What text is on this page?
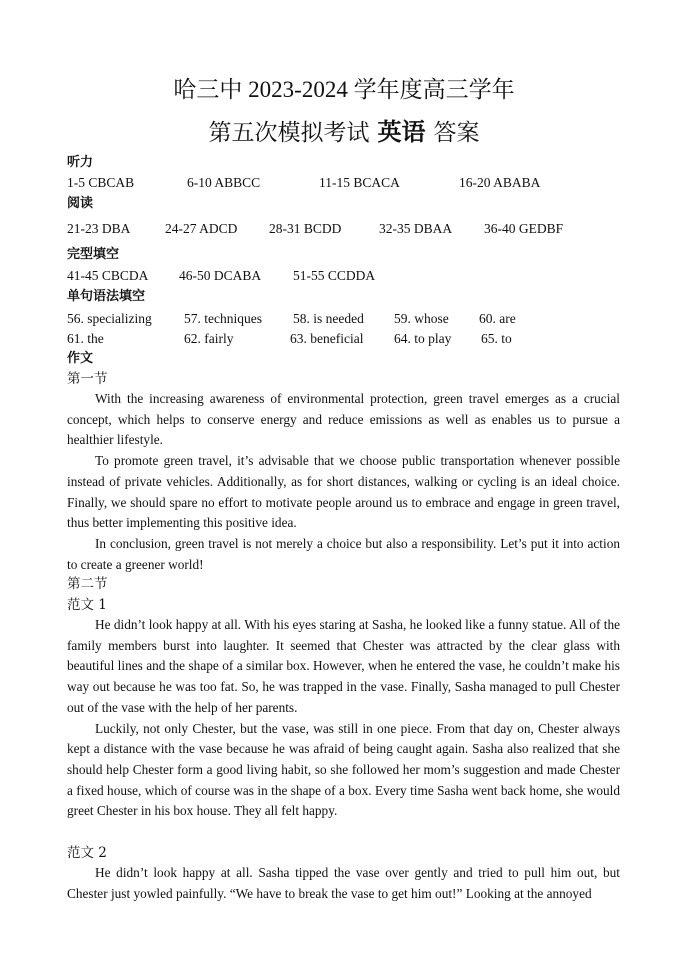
哈三中 2023-2024 学年度高三学年
第五次模拟考试 英语 答案
听力
1-5 CBCAB	6-10 ABBCC	11-15 BCACA	16-20 ABABA
阅读
21-23 DBA	24-27 ADCD 28-31 BCDD	32-35 DBAA 36-40 GEDBF
完型填空
41-45 CBCDA 46-50 DCABA 51-55 CCDDA
单句语法填空
56. specializing 57. techniques 58. is needed 59. whose 60. are
61. the	62. fairly	63. beneficial 64. to play 65. to
作文
第一节

With the increasing awareness of environmental protection, green travel emerges as a crucial concept, which helps to conserve energy and reduce emissions as well as enables us to pursue a healthier lifestyle.

To promote green travel, it’s advisable that we choose public transportation whenever possible instead of private vehicles. Additionally, as for short distances, walking or cycling is an ideal choice. Finally, we should spare no effort to motivate people around us to embrace and engage in green travel, thus better implementing this positive idea.

In conclusion, green travel is not merely a choice but also a responsibility. Let’s put it into action to create a greener world!

第二节
范文 1

He didn’t look happy at all. With his eyes staring at Sasha, he looked like a funny statue. All of the family members burst into laughter. It seemed that Chester was attracted by the clear glass with beautiful lines and the shape of a similar box. However, when he entered the vase, he couldn’t make his way out because he was too fat. So, he was trapped in the vase. Finally, Sasha managed to pull Chester out of the vase with the help of her parents.

Luckily, not only Chester, but the vase, was still in one piece. From that day on, Chester always kept a distance with the vase because he was afraid of being caught again. Sasha also realized that she should help Chester form a good living habit, so she followed her mom’s suggestion and made Chester a fixed house, which of course was in the shape of a box. Every time Sasha went back home, she would greet Chester in his box house. They all felt happy.

范文 2

He didn’t look happy at all. Sasha tipped the vase over gently and tried to pull him out, but Chester just yowled painfully. “We have to break the vase to get him out!” Looking at the annoyed
